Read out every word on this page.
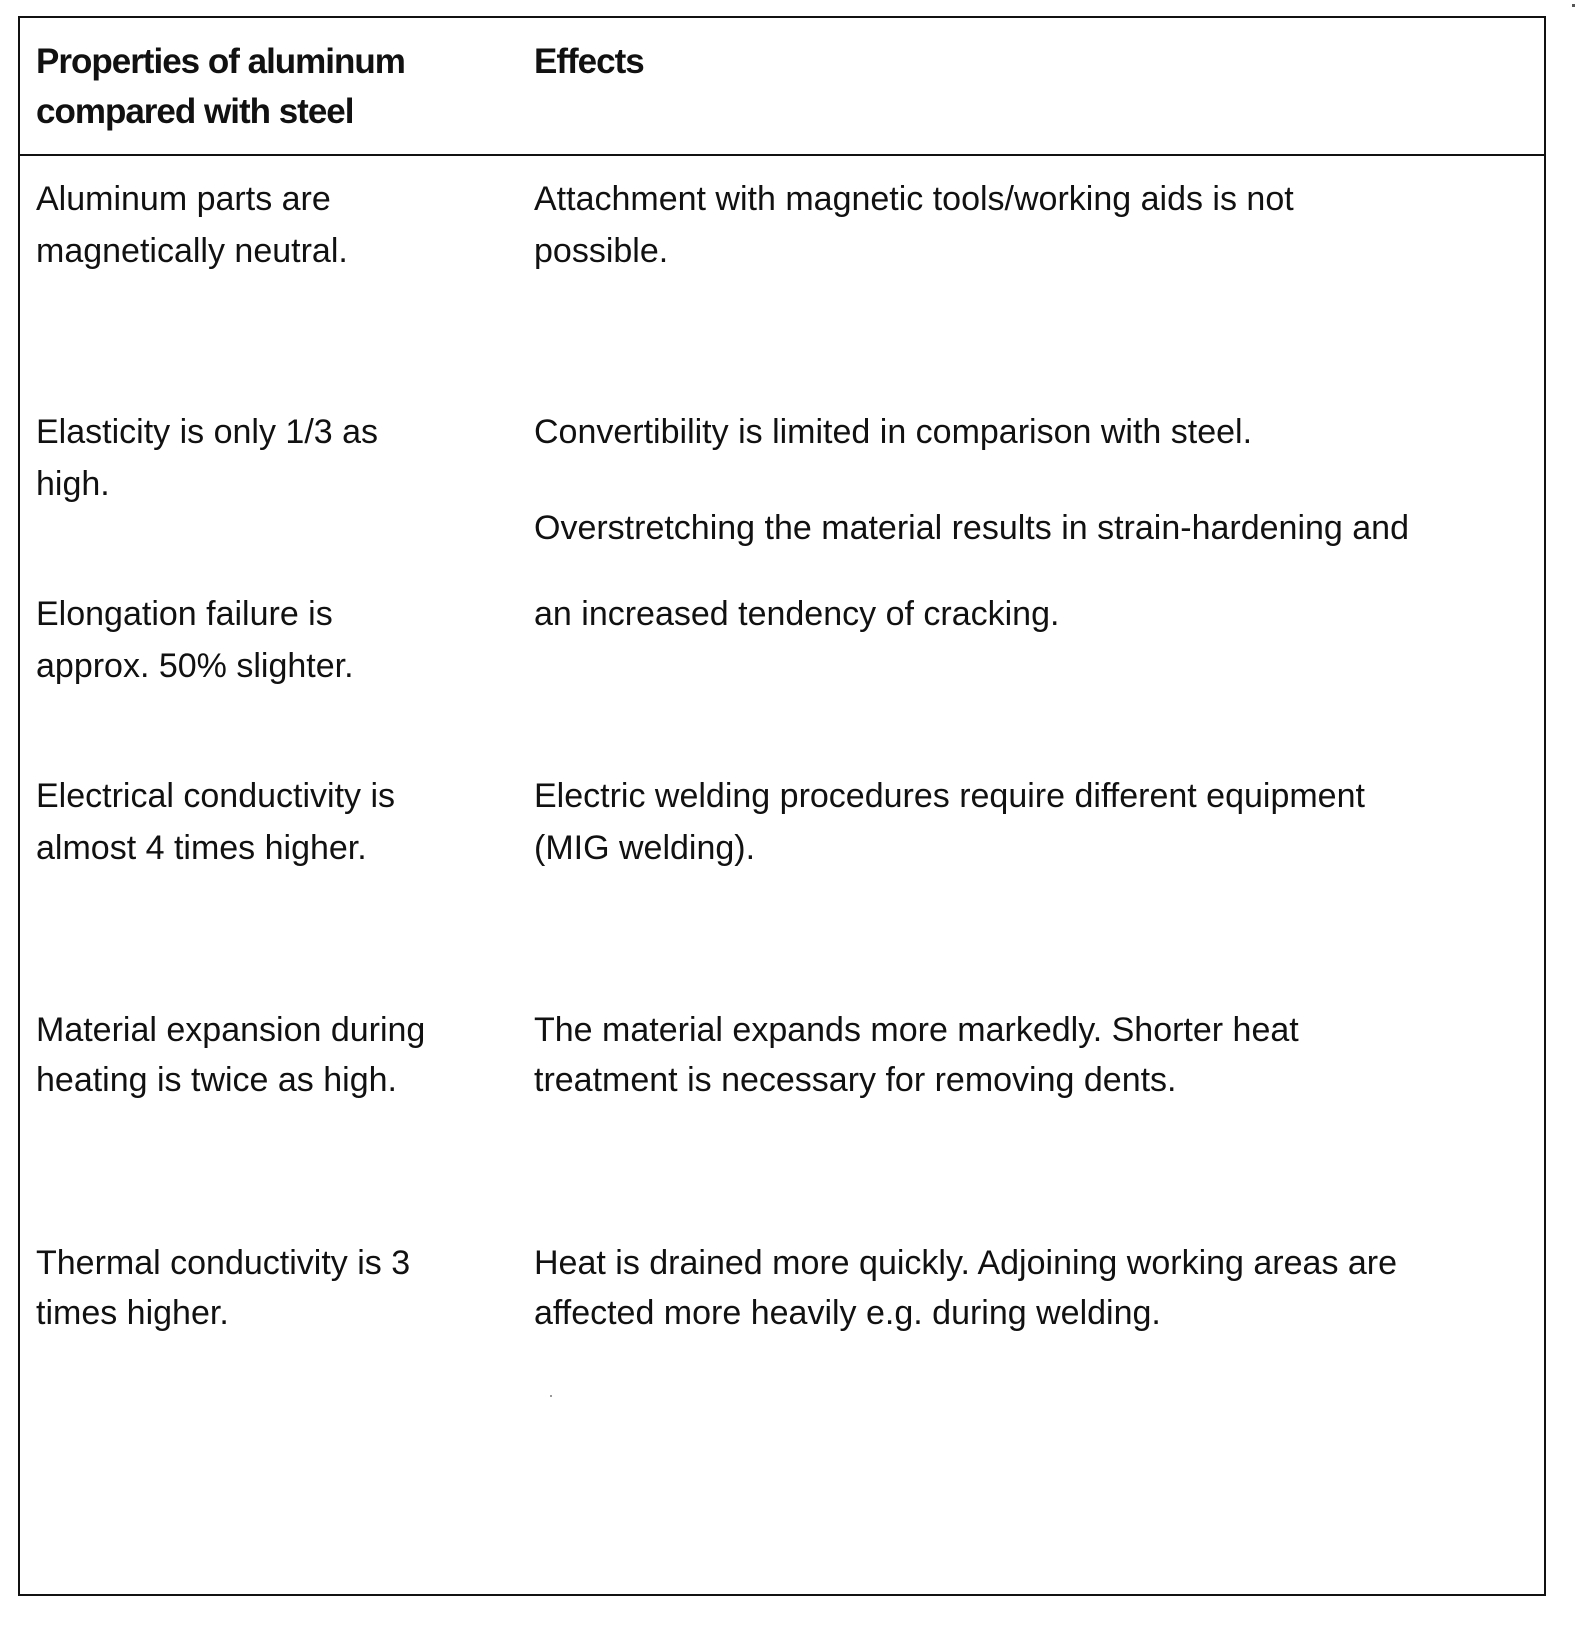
Properties of aluminum
compared with steel
Effects
Aluminum parts are
magnetically neutral.
Attachment with magnetic tools/working aids is not
possible.
Elasticity is only 1/3 as
high.
Convertibility is limited in comparison with steel.
Overstretching the material results in strain-hardening and
Elongation failure is
approx. 50% slighter.
an increased tendency of cracking.
Electrical conductivity is
almost 4 times higher.
Electric welding procedures require different equipment
(MIG welding).
Material expansion during
heating is twice as high.
The material expands more markedly. Shorter heat
treatment is necessary for removing dents.
Thermal conductivity is 3
times higher.
Heat is drained more quickly. Adjoining working areas are
affected more heavily e.g. during welding.
